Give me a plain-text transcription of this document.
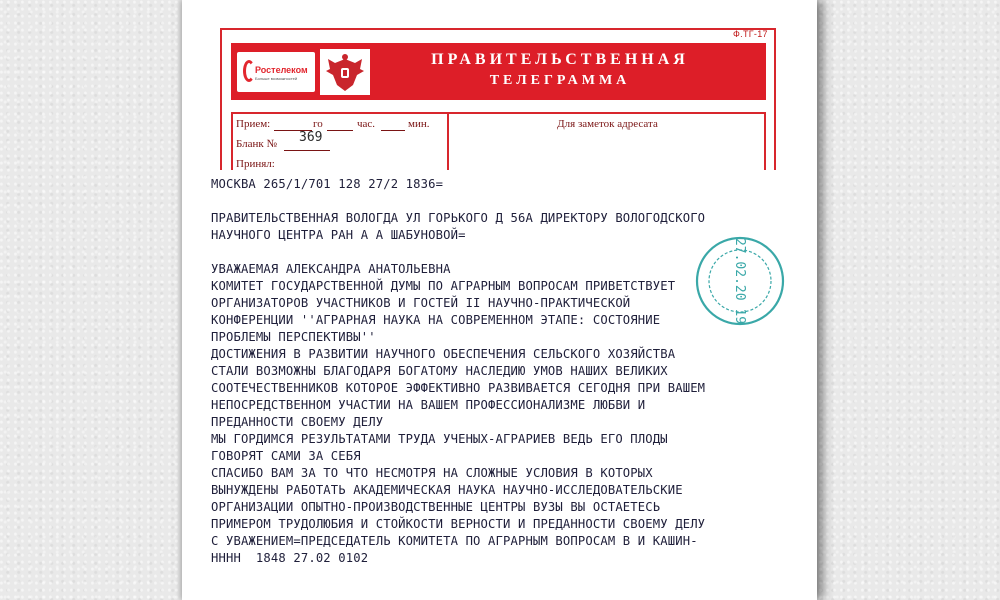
Ф.ТГ-17
Ростелеком
Больше возможностей
ПРАВИТЕЛЬСТВЕННАЯ
ТЕЛЕГРАММА
Прием:	го	час.	мин.
Бланк № 369
Принял:
Для заметок адресата
МОСКВА 265/1/701 128 27/2 1836=
ПРАВИТЕЛЬСТВЕННАЯ ВОЛОГДА УЛ ГОРЬКОГО Д 56А ДИРЕКТОРУ ВОЛОГОДСКОГО
НАУЧНОГО ЦЕНТРА РАН А А ШАБУНОВОЙ=
УВАЖАЕМАЯ АЛЕКСАНДРА АНАТОЛЬЕВНА
КОМИТЕТ ГОСУДАРСТВЕННОЙ ДУМЫ ПО АГРАРНЫМ ВОПРОСАМ ПРИВЕТСТВУЕТ
ОРГАНИЗАТОРОВ УЧАСТНИКОВ И ГОСТЕЙ II НАУЧНО-ПРАКТИЧЕСКОЙ
КОНФЕРЕНЦИИ ''АГРАРНАЯ НАУКА НА СОВРЕМЕННОМ ЭТАПЕ: СОСТОЯНИЕ
ПРОБЛЕМЫ ПЕРСПЕКТИВЫ''
ДОСТИЖЕНИЯ В РАЗВИТИИ НАУЧНОГО ОБЕСПЕЧЕНИЯ СЕЛЬСКОГО ХОЗЯЙСТВА
СТАЛИ ВОЗМОЖНЫ БЛАГОДАРЯ БОГАТОМУ НАСЛЕДИЮ УМОВ НАШИХ ВЕЛИКИХ
СООТЕЧЕСТВЕННИКОВ КОТОРОЕ ЭФФЕКТИВНО РАЗВИВАЕТСЯ СЕГОДНЯ ПРИ ВАШЕМ
НЕПОСРЕДСТВЕННОМ УЧАСТИИ НА ВАШЕМ ПРОФЕССИОНАЛИЗМЕ ЛЮБВИ И
ПРЕДАННОСТИ СВОЕМУ ДЕЛУ
МЫ ГОРДИМСЯ РЕЗУЛЬТАТАМИ ТРУДА УЧЕНЫХ-АГРАРИЕВ ВЕДЬ ЕГО ПЛОДЫ
ГОВОРЯТ САМИ ЗА СЕБЯ
СПАСИБО ВАМ ЗА ТО ЧТО НЕСМОТРЯ НА СЛОЖНЫЕ УСЛОВИЯ В КОТОРЫХ
ВЫНУЖДЕНЫ РАБОТАТЬ АКАДЕМИЧЕСКАЯ НАУКА НАУЧНО-ИССЛЕДОВАТЕЛЬСКИЕ
ОРГАНИЗАЦИИ ОПЫТНО-ПРОИЗВОДСТВЕННЫЕ ЦЕНТРЫ ВУЗЫ ВЫ ОСТАЕТЕСЬ
ПРИМЕРОМ ТРУДОЛЮБИЯ И СТОЙКОСТИ ВЕРНОСТИ И ПРЕДАННОСТИ СВОЕМУ ДЕЛУ
С УВАЖЕНИЕМ=ПРЕДСЕДАТЕЛЬ КОМИТЕТА ПО АГРАРНЫМ ВОПРОСАМ В И КАШИН-
НННН  1848 27.02 0102
27.02.20 19
